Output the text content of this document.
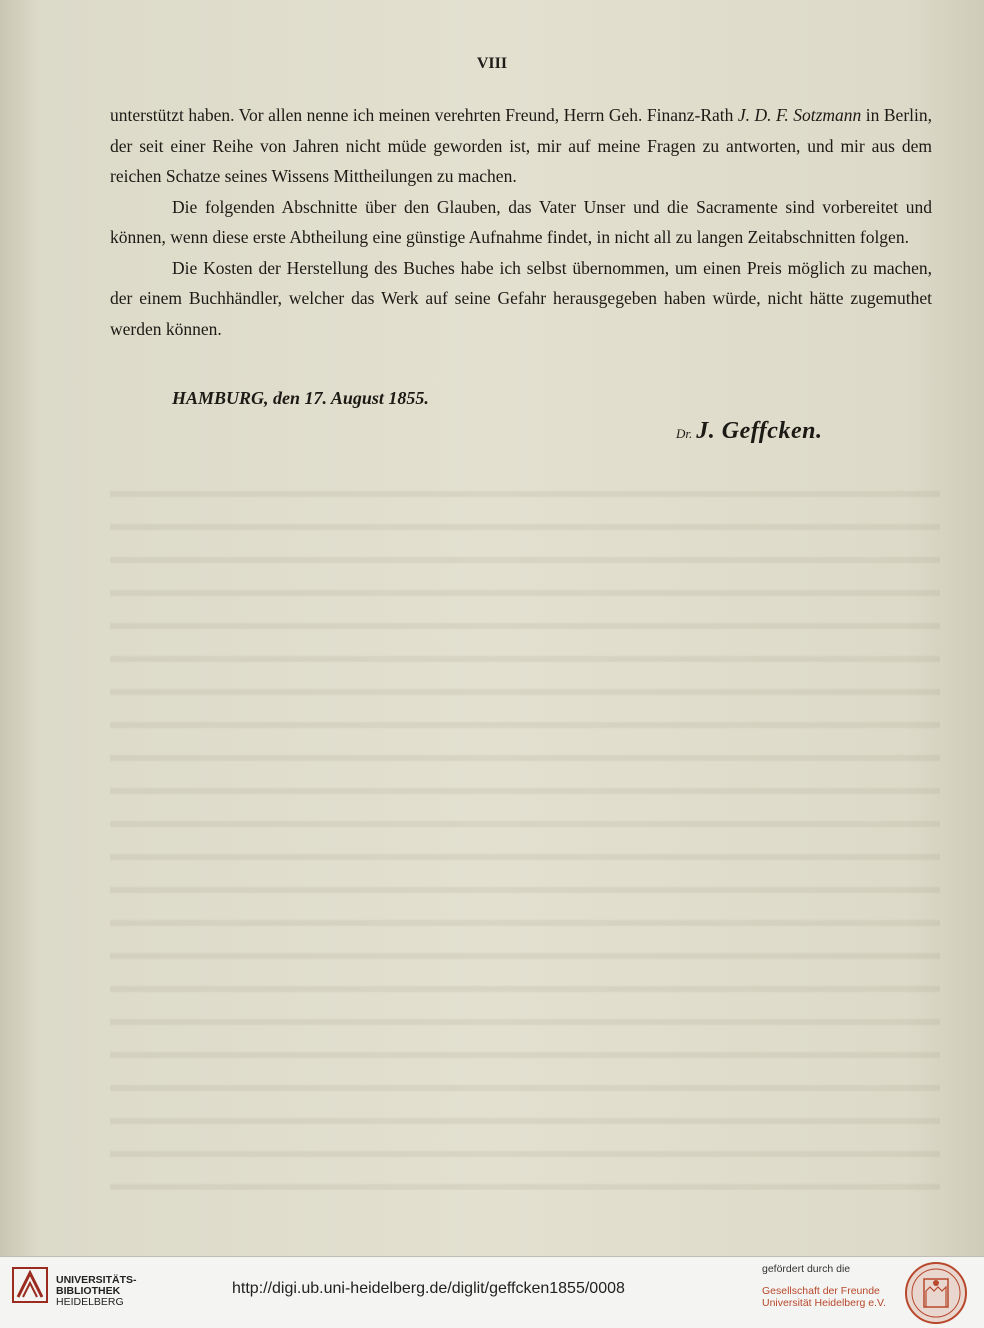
VIII

unterstützt haben. Vor allen nenne ich meinen verehrten Freund, Herrn Geh. Finanz-Rath J. D. F. Sotzmann in Berlin, der seit einer Reihe von Jahren nicht müde geworden ist, mir auf meine Fragen zu antworten, und mir aus dem reichen Schatze seines Wissens Mittheilungen zu machen.

Die folgenden Abschnitte über den Glauben, das Vater Unser und die Sacramente sind vorbereitet und können, wenn diese erste Abtheilung eine günstige Aufnahme findet, in nicht all zu langen Zeitabschnitten folgen.

Die Kosten der Herstellung des Buches habe ich selbst übernommen, um einen Preis möglich zu machen, der einem Buchhändler, welcher das Werk auf seine Gefahr herausgegeben haben würde, nicht hätte zugemuthet werden können.

HAMBURG, den 17. August 1855.
Dr. J. Geffcken.
UNIVERSITÄTS-
BIBLIOTHEK
HEIDELBERG
http://digi.ub.uni-heidelberg.de/diglit/geffcken1855/0008
gefördert durch die
Gesellschaft der Freunde
Universität Heidelberg e.V.
